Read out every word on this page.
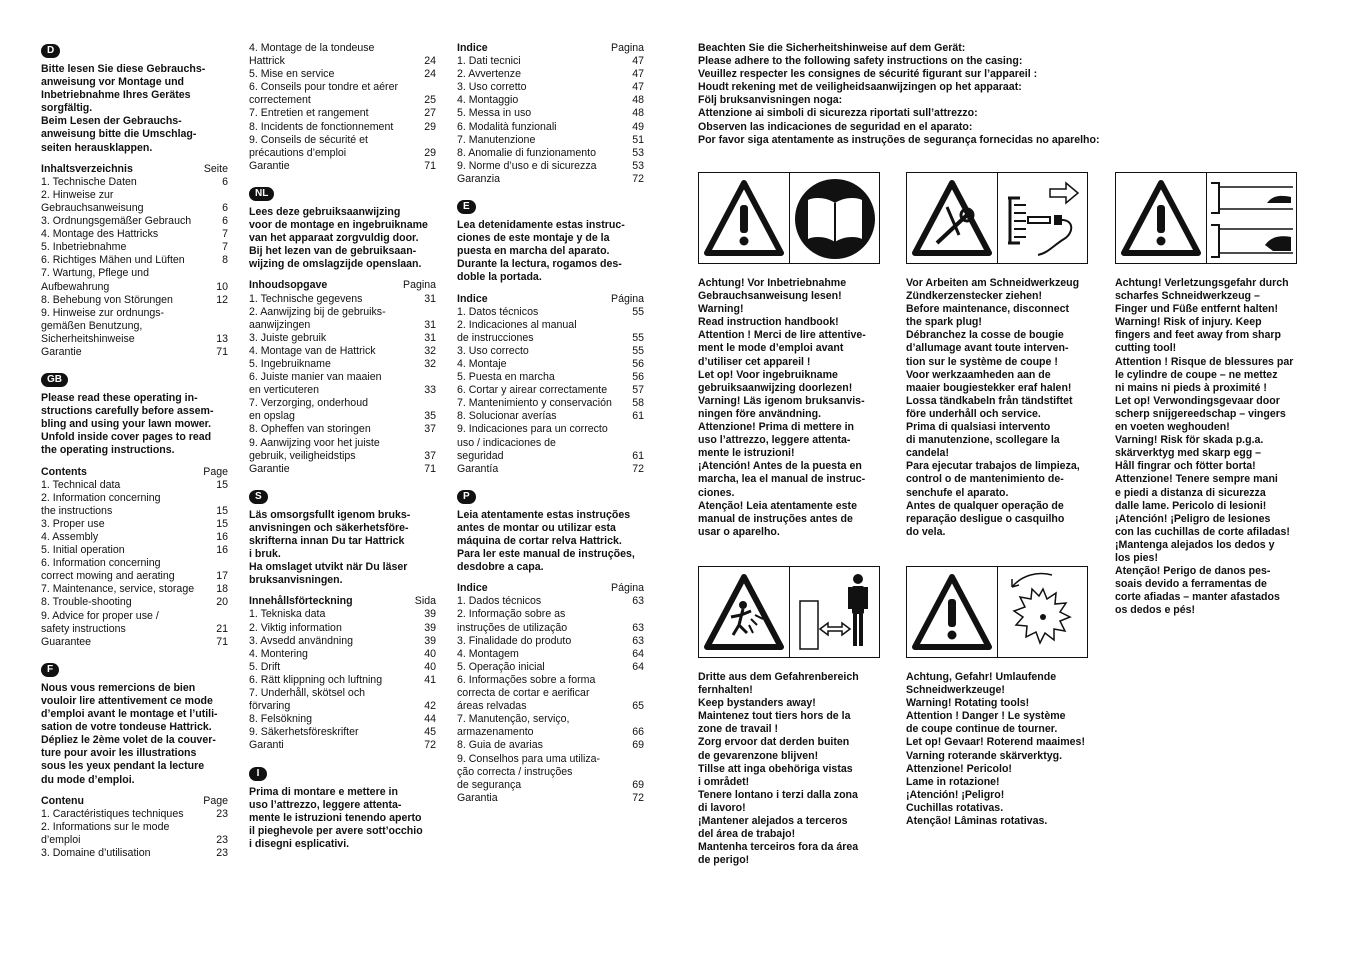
D
Bitte lesen Sie diese Gebrauchs-
anweisung vor Montage und
Inbetriebnahme Ihres Gerätes
sorgfältig.
Beim Lesen der Gebrauchs-
anweisung bitte die Umschlag-
seiten herausklappen.
Inhaltsverzeichnis	Seite
1. Technische Daten	6
2. Hinweise zur
Gebrauchsanweisung	6
3. Ordnungsgemäßer Gebrauch	6
4. Montage des Hattricks	7
5. Inbetriebnahme	7
6. Richtiges Mähen und Lüften	8
7. Wartung, Pflege und
Aufbewahrung	10
8. Behebung von Störungen	12
9. Hinweise zur ordnungs-
gemäßen Benutzung,
Sicherheitshinweise	13
Garantie	71
GB
Please read these operating in-
structions carefully before assem-
bling and using your lawn mower.
Unfold inside cover pages to read
the operating instructions.
Contents	Page
1. Technical data	15
2. Information concerning
the instructions	15
3. Proper use	15
4. Assembly	16
5. Initial operation	16
6. Information concerning
correct mowing and aerating	17
7. Maintenance, service, storage	18
8. Trouble-shooting	20
9. Advice for proper use /
safety instructions	21
Guarantee	71
F
Nous vous remercions de bien
vouloir lire attentivement ce mode
d’emploi avant le montage et l’utili-
sation de votre tondeuse Hattrick.
Dépliez le 2ème volet de la couver-
ture pour avoir les illustrations
sous les yeux pendant la lecture
du mode d’emploi.
Contenu	Page
1. Caractéristiques techniques	23
2. Informations sur le mode
d’emploi	23
3. Domaine d’utilisation	23
4. Montage de la tondeuse
Hattrick	24
5. Mise en service	24
6. Conseils pour tondre et aérer
correctement	25
7. Entretien et rangement	27
8. Incidents de fonctionnement	29
9. Conseils de sécurité et
précautions d’emploi	29
Garantie	71
NL
Lees deze gebruiksaanwijzing
voor de montage en ingebruikname
van het apparaat zorgvuldig door.
Bij het lezen van de gebruiksaan-
wijzing de omslagzijde openslaan.
Inhoudsopgave	Pagina
1. Technische gegevens	31
2. Aanwijzing bij de gebruiks-
aanwijzingen	31
3. Juiste gebruik	31
4. Montage van de Hattrick	32
5. Ingebruikname	32
6. Juiste manier van maaien
en verticuteren	33
7. Verzorging, onderhoud
en opslag	35
8. Opheffen van storingen	37
9. Aanwijzing voor het juiste
gebruik, veiligheidstips	37
Garantie	71
S
Läs omsorgsfullt igenom bruks-
anvisningen och säkerhetsföre-
skrifterna innan Du tar Hattrick
i bruk.
Ha omslaget utvikt när Du läser
bruksanvisningen.
Innehållsförteckning	Sida
1. Tekniska data	39
2. Viktig information	39
3. Avsedd användning	39
4. Montering	40
5. Drift	40
6. Rätt klippning och luftning	41
7. Underhåll, skötsel och
förvaring	42
8. Felsökning	44
9. Säkerhetsföreskrifter	45
Garanti	72
I
Prima di montare e mettere in
uso l’attrezzo, leggere attenta-
mente le istruzioni tenendo aperto
il pieghevole per avere sott’occhio
i disegni esplicativi.
Indice	Pagina
1. Dati tecnici	47
2. Avvertenze	47
3. Uso corretto	47
4. Montaggio	48
5. Messa in uso	48
6. Modalità funzionali	49
7. Manutenzione	51
8. Anomalie di funzionamento	53
9. Norme d’uso e di sicurezza	53
Garanzia	72
E
Lea detenidamente estas instruc-
ciones de este montaje y de la
puesta en marcha del aparato.
Durante la lectura, rogamos des-
doble la portada.
Indice	Página
1. Datos técnicos	55
2. Indicaciones al manual
de instrucciones	55
3. Uso correcto	55
4. Montaje	56
5. Puesta en marcha	56
6. Cortar y airear correctamente	57
7. Mantenimiento y conservación	58
8. Solucionar averías	61
9. Indicaciones para un correcto
uso / indicaciones de
seguridad	61
Garantía	72
P
Leia atentamente estas instruções
antes de montar ou utilizar esta
máquina de cortar relva Hattrick.
Para ler este manual de instruções,
desdobre a capa.
Indice	Página
1. Dados técnicos	63
2. Informação sobre as
instruções de utilização	63
3. Finalidade do produto	63
4. Montagem	64
5. Operação inicial	64
6. Informações sobre a forma
correcta de cortar e aerificar
áreas relvadas	65
7. Manutenção, serviço,
armazenamento	66
8. Guia de avarias	69
9. Conselhos para uma utiliza-
ção correcta / instruções
de segurança	69
Garantia	72
Beachten Sie die Sicherheitshinweise auf dem Gerät:
Please adhere to the following safety instructions on the casing:
Veuillez respecter les consignes de sécurité figurant sur l’appareil :
Houdt rekening met de veiligheidsaanwijzingen op het apparaat:
Följ bruksanvisningen noga:
Attenzione ai simboli di sicurezza riportati sull’attrezzo:
Observen las indicaciones de seguridad en el aparato:
Por favor siga atentamente as instruções de segurança fornecidas no aparelho:
Achtung! Vor Inbetriebnahme
Gebrauchsanweisung lesen!
Warning!
Read instruction handbook!
Attention ! Merci de lire attentive-
ment le mode d’emploi avant
d’utiliser cet appareil !
Let op! Voor ingebruikname
gebruiksaanwijzing doorlezen!
Varning! Läs igenom bruksanvis-
ningen före användning.
Attenzione! Prima di mettere in
uso l’attrezzo, leggere attenta-
mente le istruzioni!
¡Atención! Antes de la puesta en
marcha, lea el manual de instruc-
ciones.
Atenção! Leia atentamente este
manual de instruções antes de
usar o aparelho.
Vor Arbeiten am Schneidwerkzeug
Zündkerzenstecker ziehen!
Before maintenance, disconnect
the spark plug!
Débranchez la cosse de bougie
d’allumage avant toute interven-
tion sur le système de coupe !
Voor werkzaamheden aan de
maaier bougiestekker eraf halen!
Lossa tändkabeln från tändstiftet
före underhåll och service.
Prima di qualsiasi intervento
di manutenzione, scollegare la
candela!
Para ejecutar trabajos de limpieza,
control o de mantenimiento de-
senchufe el aparato.
Antes de qualquer operação de
reparação desligue o casquilho
do vela.
Achtung! Verletzungsgefahr durch
scharfes Schneidwerkzeug –
Finger und Füße entfernt halten!
Warning! Risk of injury. Keep
fingers and feet away from sharp
cutting tool!
Attention ! Risque de blessures par
le cylindre de coupe – ne mettez
ni mains ni pieds à proximité !
Let op! Verwondingsgevaar door
scherp snijgereedschap – vingers
en voeten weghouden!
Varning! Risk för skada p.g.a.
skärverktyg med skarp egg –
Håll fingrar och fötter borta!
Attenzione! Tenere sempre mani
e piedi a distanza di sicurezza
dalle lame. Pericolo di lesioni!
¡Atención! ¡Peligro de lesiones
con las cuchillas de corte afiladas!
¡Mantenga alejados los dedos y
los pies!
Atenção! Perigo de danos pes-
soais devido a ferramentas de
corte afiadas – manter afastados
os dedos e pés!
Dritte aus dem Gefahrenbereich
fernhalten!
Keep bystanders away!
Maintenez tout tiers hors de la
zone de travail !
Zorg ervoor dat derden buiten
de gevarenzone blijven!
Tillse att inga obehöriga vistas
i området!
Tenere lontano i terzi dalla zona
di lavoro!
¡Mantener alejados a terceros
del área de trabajo!
Mantenha terceiros fora da área
de perigo!
Achtung, Gefahr! Umlaufende
Schneidwerkzeuge!
Warning! Rotating tools!
Attention ! Danger ! Le système
de coupe continue de tourner.
Let op! Gevaar! Roterend maaimes!
Varning roterande skärverktyg.
Attenzione! Pericolo!
Lame in rotazione!
¡Atención! ¡Peligro!
Cuchillas rotativas.
Atenção! Lâminas rotativas.
